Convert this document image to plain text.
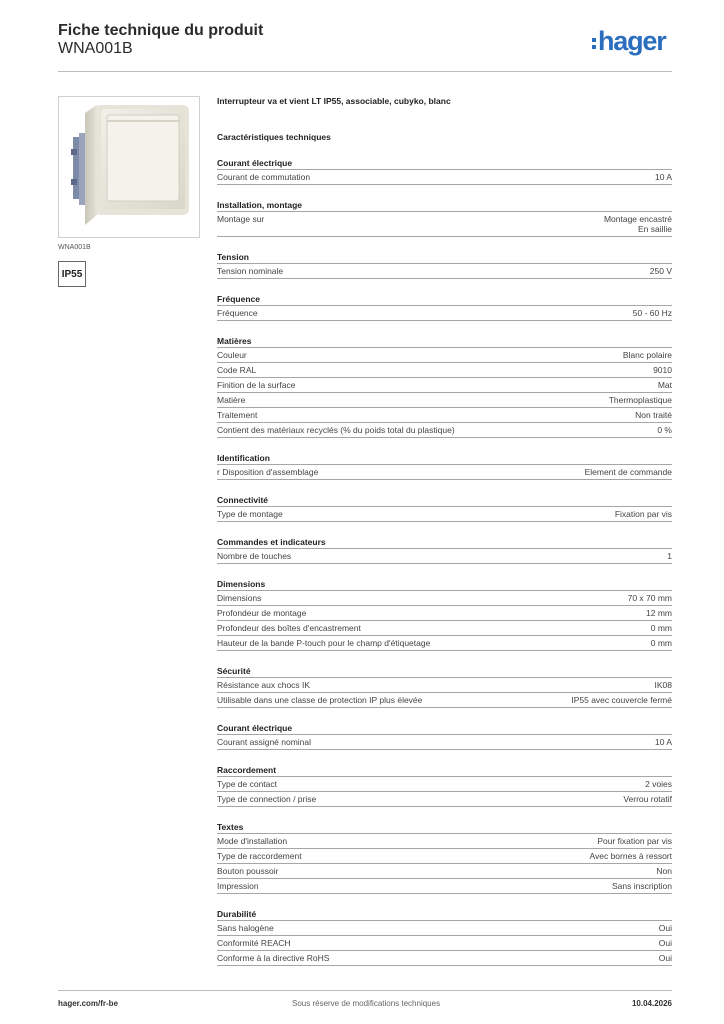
Fiche technique du produit
WNA001B	hager
WNA001B
IP55
Interrupteur va et vient LT IP55, associable, cubyko, blanc
Caractéristiques techniques
Courant électrique
Courant de commutation	10 A
Installation, montage
Montage sur	Montage encastré
En saillie
Tension
Tension nominale	250 V
Fréquence
Fréquence	50 - 60 Hz
Matières
Couleur	Blanc polaire
Code RAL	9010
Finition de la surface	Mat
Matière	Thermoplastique
Traitement	Non traité
Contient des matériaux recyclés (% du poids total du plastique)	0 %
Identification
r Disposition d'assemblage	Element de commande
Connectivité
Type de montage	Fixation par vis
Commandes et indicateurs
Nombre de touches	1
Dimensions
Dimensions	70 x 70 mm
Profondeur de montage	12 mm
Profondeur des boîtes d'encastrement	0 mm
Hauteur de la bande P-touch pour le champ d'étiquetage	0 mm
Sécurité
Résistance aux chocs IK	IK08
Utilisable dans une classe de protection IP plus élevée	IP55 avec couvercle fermé
Courant électrique
Courant assigné nominal	10 A
Raccordement
Type de contact	2 voies
Type de connection / prise	Verrou rotatif
Textes
Mode d'installation	Pour fixation par vis
Type de raccordement	Avec bornes à ressort
Bouton poussoir	Non
Impression	Sans inscription
Durabilité
Sans halogène	Oui
Conformité REACH	Oui
Conforme à la directive RoHS	Oui
hager.com/fr-be	Sous réserve de modifications techniques	10.04.2026
